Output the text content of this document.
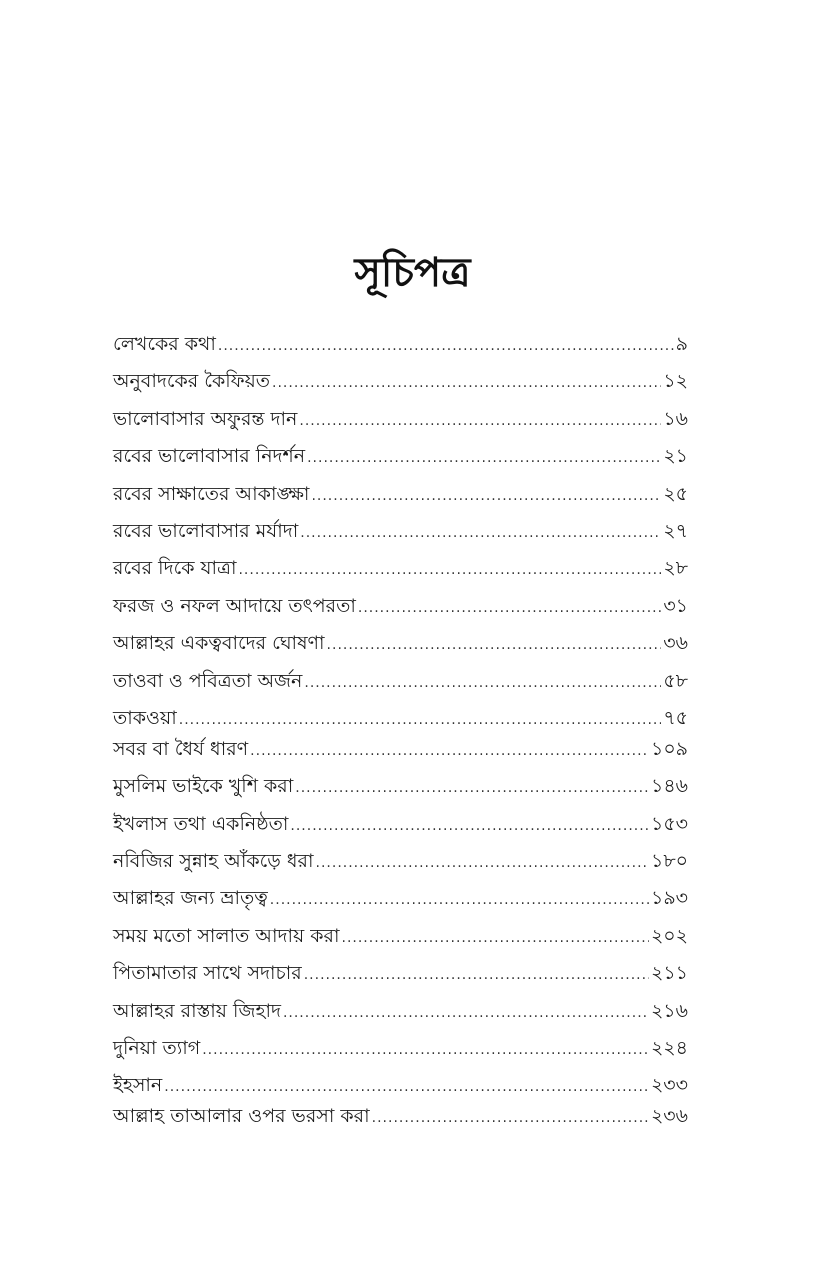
সূচিপত্র
লেখকের কথা .....	৯
অনুবাদকের কৈফিয়ত .....	১২
ভালোবাসার অফুরন্ত দান .....	১৬
রবের ভালোবাসার নিদর্শন .....	২১
রবের সাক্ষাতের আকাঙ্ক্ষা .....	২৫
রবের ভালোবাসার মর্যাদা .....	২৭
রবের দিকে যাত্রা .....	২৮
ফরজ ও নফল আদায়ে তৎপরতা .....	৩১
আল্লাহর একত্ববাদের ঘোষণা .....	৩৬
তাওবা ও পবিত্রতা অর্জন .....	৫৮
তাকওয়া .....	৭৫
সবর বা ধৈর্য ধারণ .....	১০৯
মুসলিম ভাইকে খুশি করা .....	১৪৬
ইখলাস তথা একনিষ্ঠতা .....	১৫৩
নবিজির সুন্নাহ আঁকড়ে ধরা .....	১৮০
আল্লাহর জন্য ভ্রাতৃত্ব .....	১৯৩
সময় মতো সালাত আদায় করা .....	২০২
পিতামাতার সাথে সদাচার .....	২১১
আল্লাহর রাস্তায় জিহাদ .....	২১৬
দুনিয়া ত্যাগ .....	২২৪
ইহসান .....	২৩৩
আল্লাহ তাআলার ওপর ভরসা করা .....	২৩৬
